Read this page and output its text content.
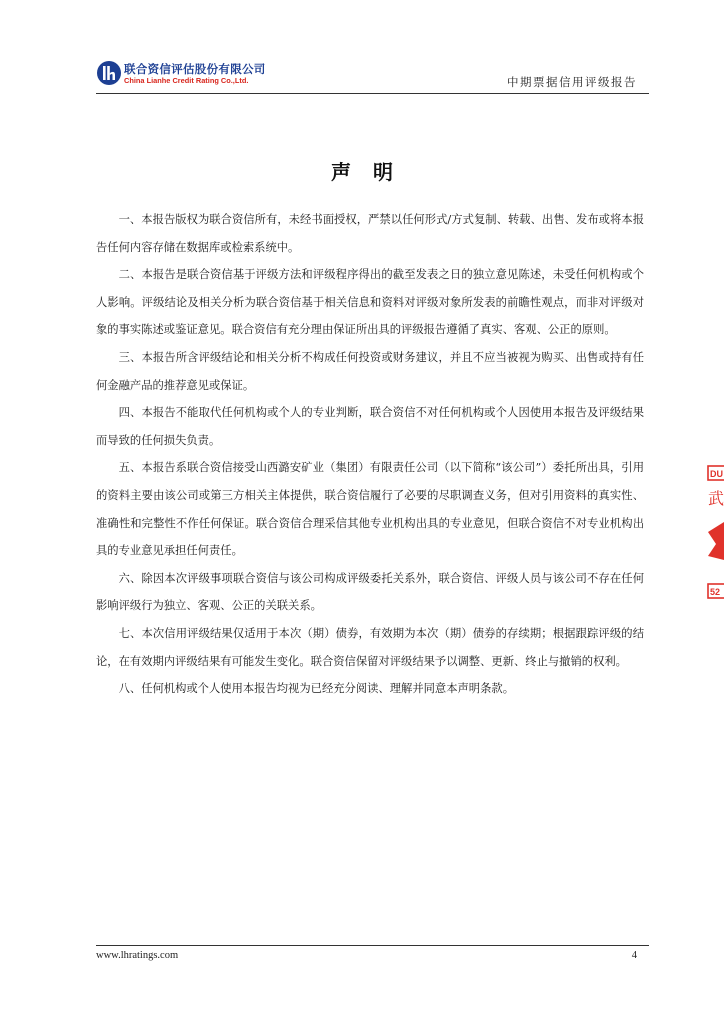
联合资信评估股份有限公司
China Lianhe Credit Rating Co.,Ltd.	中期票据信用评级报告
声明

一、本报告版权为联合资信所有，未经书面授权，严禁以任何形式/方式复制、转载、出售、发布或将本报告任何内容存储在数据库或检索系统中。

二、本报告是联合资信基于评级方法和评级程序得出的截至发表之日的独立意见陈述，未受任何机构或个人影响。评级结论及相关分析为联合资信基于相关信息和资料对评级对象所发表的前瞻性观点，而非对评级对象的事实陈述或鉴证意见。联合资信有充分理由保证所出具的评级报告遵循了真实、客观、公正的原则。

三、本报告所含评级结论和相关分析不构成任何投资或财务建议，并且不应当被视为购买、出售或持有任何金融产品的推荐意见或保证。

四、本报告不能取代任何机构或个人的专业判断，联合资信不对任何机构或个人因使用本报告及评级结果而导致的任何损失负责。

五、本报告系联合资信接受山西潞安矿业（集团）有限责任公司（以下简称“该公司”）委托所出具，引用的资料主要由该公司或第三方相关主体提供，联合资信履行了必要的尽职调查义务，但对引用资料的真实性、准确性和完整性不作任何保证。联合资信合理采信其他专业机构出具的专业意见，但联合资信不对专业机构出具的专业意见承担任何责任。

六、除因本次评级事项联合资信与该公司构成评级委托关系外，联合资信、评级人员与该公司不存在任何影响评级行为独立、客观、公正的关联关系。

七、本次信用评级结果仅适用于本次（期）债券，有效期为本次（期）债券的存续期；根据跟踪评级的结论，在有效期内评级结果有可能发生变化。联合资信保留对评级结果予以调整、更新、终止与撤销的权利。

八、任何机构或个人使用本报告均视为已经充分阅读、理解并同意本声明条款。

www.lhratings.com	4
DU
武
52
